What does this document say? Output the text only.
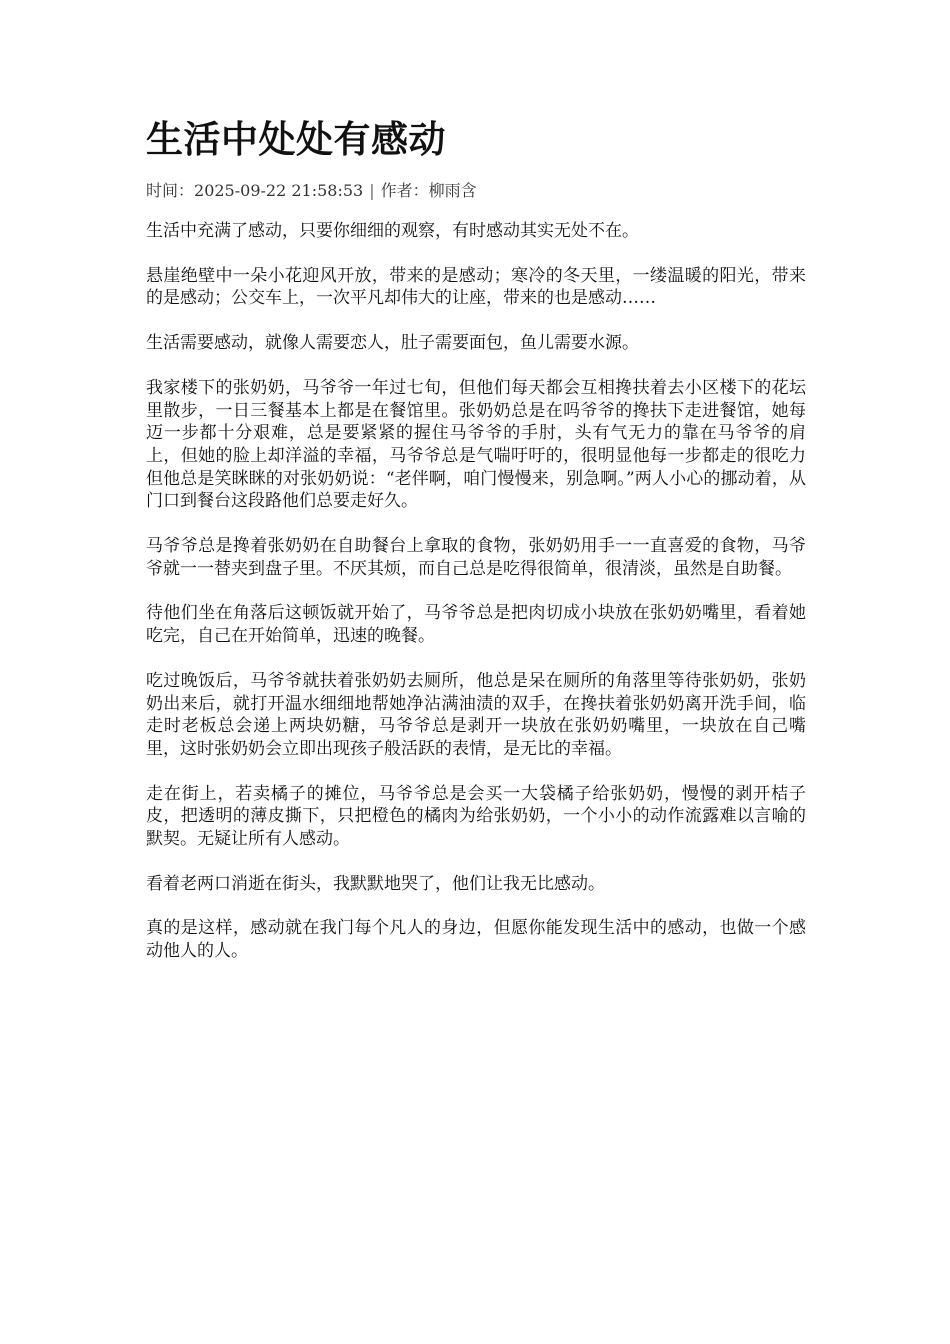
生活中处处有感动
时间：2025-09-22 21:58:53 | 作者：柳雨含

生活中充满了感动，只要你细细的观察，有时感动其实无处不在。

悬崖绝壁中一朵小花迎风开放，带来的是感动；寒冷的冬天里，一缕温暖的阳光，带来的是感动；公交车上，一次平凡却伟大的让座，带来的也是感动……

生活需要感动，就像人需要恋人，肚子需要面包，鱼儿需要水源。

我家楼下的张奶奶，马爷爷一年过七旬，但他们每天都会互相搀扶着去小区楼下的花坛里散步，一日三餐基本上都是在餐馆里。张奶奶总是在吗爷爷的搀扶下走进餐馆，她每迈一步都十分艰难，总是要紧紧的握住马爷爷的手肘，头有气无力的靠在马爷爷的肩上，但她的脸上却洋溢的幸福，马爷爷总是气喘吁吁的，很明显他每一步都走的很吃力但他总是笑眯眯的对张奶奶说：“老伴啊，咱门慢慢来，别急啊。”两人小心的挪动着，从门口到餐台这段路他们总要走好久。

马爷爷总是搀着张奶奶在自助餐台上拿取的食物，张奶奶用手一一直喜爱的食物，马爷爷就一一替夹到盘子里。不厌其烦，而自己总是吃得很简单，很清淡，虽然是自助餐。

待他们坐在角落后这顿饭就开始了，马爷爷总是把肉切成小块放在张奶奶嘴里，看着她吃完，自己在开始简单，迅速的晚餐。

吃过晚饭后，马爷爷就扶着张奶奶去厕所，他总是呆在厕所的角落里等待张奶奶，张奶奶出来后，就打开温水细细地帮她净沾满油渍的双手，在搀扶着张奶奶离开洗手间，临走时老板总会递上两块奶糖，马爷爷总是剥开一块放在张奶奶嘴里，一块放在自己嘴里，这时张奶奶会立即出现孩子般活跃的表情，是无比的幸福。

走在街上，若卖橘子的摊位，马爷爷总是会买一大袋橘子给张奶奶，慢慢的剥开桔子皮，把透明的薄皮撕下，只把橙色的橘肉为给张奶奶，一个小小的动作流露难以言喻的默契。无疑让所有人感动。

看着老两口消逝在街头，我默默地哭了，他们让我无比感动。

真的是这样，感动就在我门每个凡人的身边，但愿你能发现生活中的感动，也做一个感动他人的人。
